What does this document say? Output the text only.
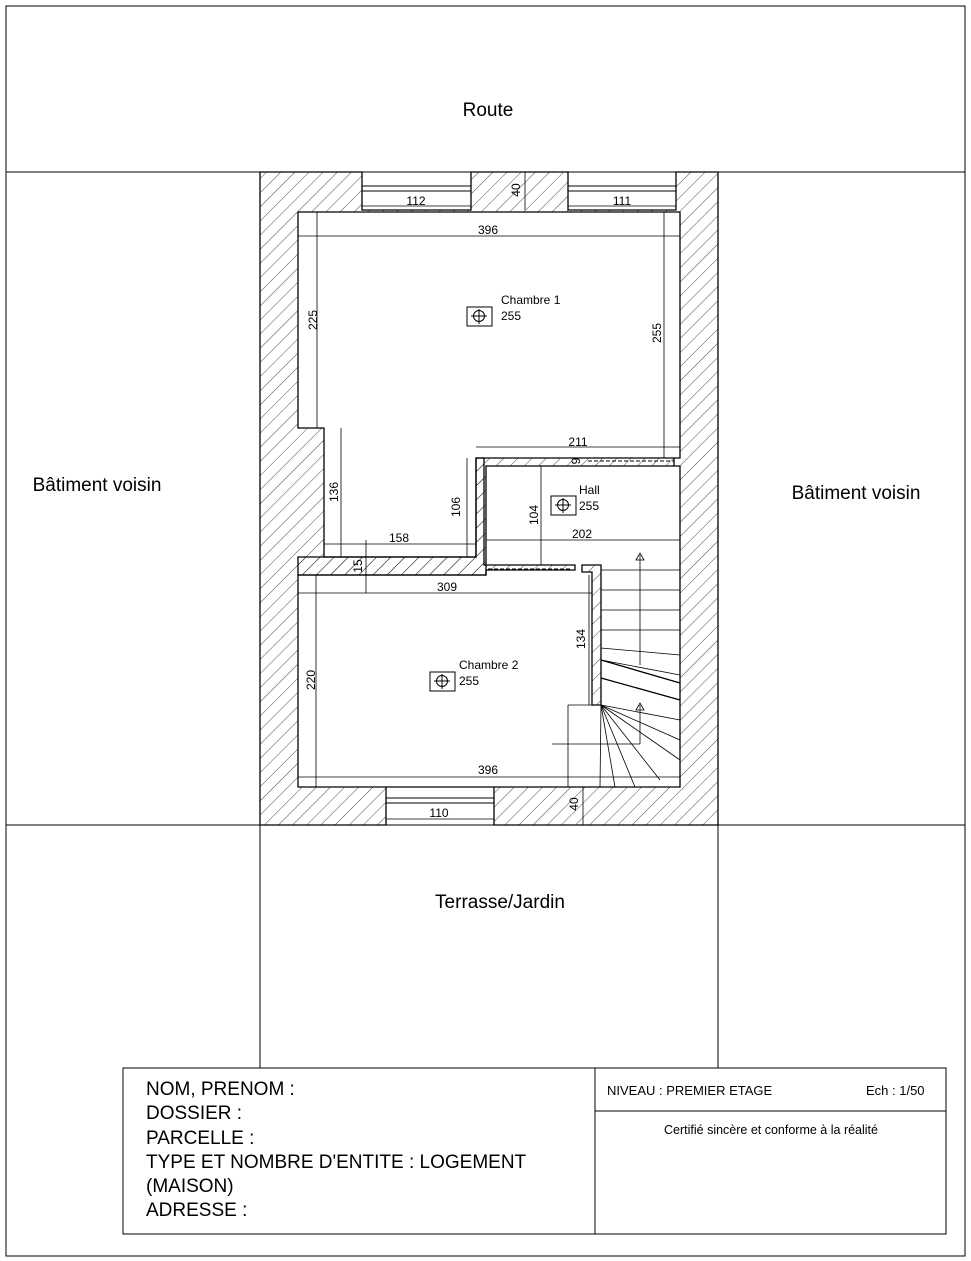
Route
Bâtiment voisin	Bâtiment voisin
Terrasse/Jardin
Chambre 1
255
Hall
255
Chambre 2
255
112
40
111
396
225
255
211
9
136
106	104
202
158
15
309
134
220
396
110
40
NOM, PRENOM :
DOSSIER :
PARCELLE :
TYPE ET NOMBRE D'ENTITE : LOGEMENT
(MAISON)
ADRESSE :
NIVEAU : PREMIER ETAGE	Ech : 1/50
Certifié sincère et conforme à la réalité
